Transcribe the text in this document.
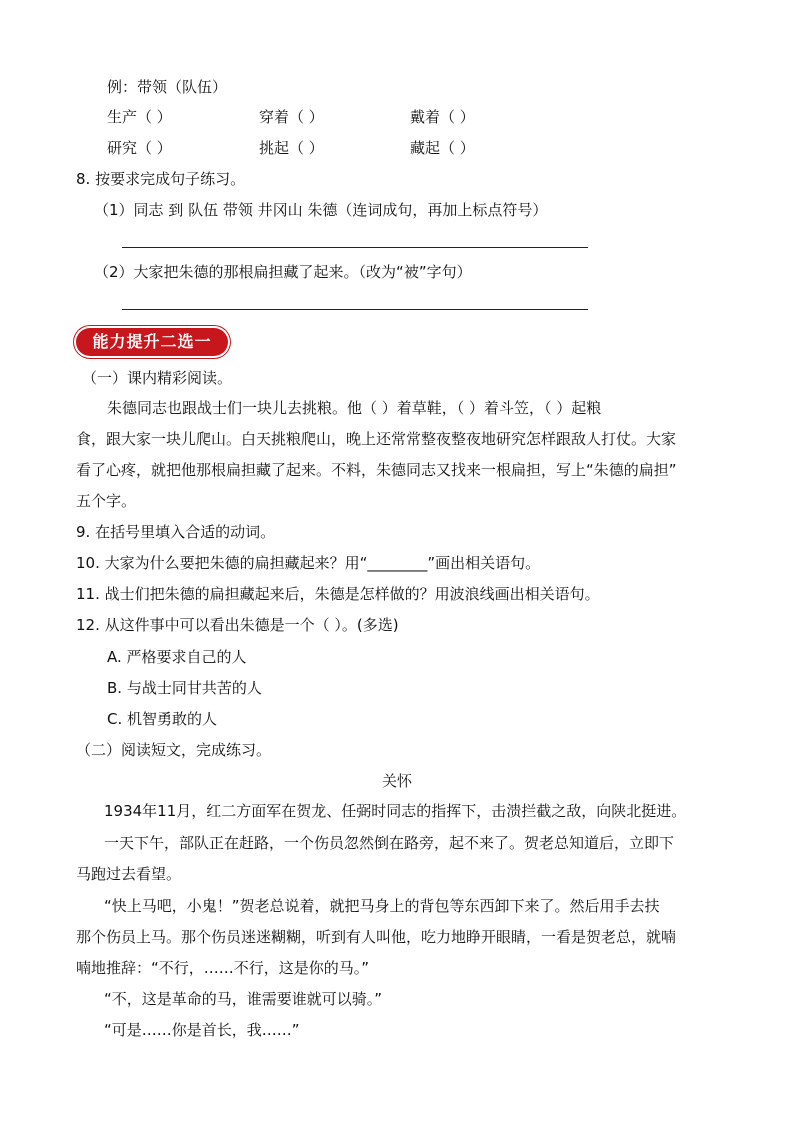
例：带领（队伍）
生产（ ）	穿着（ ）	戴着（ ）
研究（ ）	挑起（ ）	藏起（ ）
8. 按要求完成句子练习。
（1）同志 到 队伍 带领 井冈山 朱德（连词成句，再加上标点符号）
（2）大家把朱德的那根扁担藏了起来。（改为“被”字句）
能力提升二选一
（一）课内精彩阅读。
朱德同志也跟战士们一块儿去挑粮。他（ ）着草鞋，（ ）着斗笠，（ ）起粮
食，跟大家一块儿爬山。白天挑粮爬山，晚上还常常整夜整夜地研究怎样跟敌人打仗。大家
看了心疼，就把他那根扁担藏了起来。不料，朱德同志又找来一根扁担，写上“朱德的扁担”
五个字。
9. 在括号里填入合适的动词。
10. 大家为什么要把朱德的扁担藏起来？用“________”画出相关语句。
11. 战士们把朱德的扁担藏起来后，朱德是怎样做的？用波浪线画出相关语句。
12. 从这件事中可以看出朱德是一个（ ）。(多选)
A. 严格要求自己的人
B. 与战士同甘共苦的人
C. 机智勇敢的人
（二）阅读短文，完成练习。
关怀
1934年11月，红二方面军在贺龙、任弼时同志的指挥下，击溃拦截之敌，向陕北挺进。
一天下午，部队正在赶路，一个伤员忽然倒在路旁，起不来了。贺老总知道后，立即下
马跑过去看望。
“快上马吧，小鬼！”贺老总说着，就把马身上的背包等东西卸下来了。然后用手去扶
那个伤员上马。那个伤员迷迷糊糊，听到有人叫他，吃力地睁开眼睛，一看是贺老总，就喃
喃地推辞：“不行，……不行，这是你的马。”
“不，这是革命的马，谁需要谁就可以骑。”
“可是……你是首长，我……”
